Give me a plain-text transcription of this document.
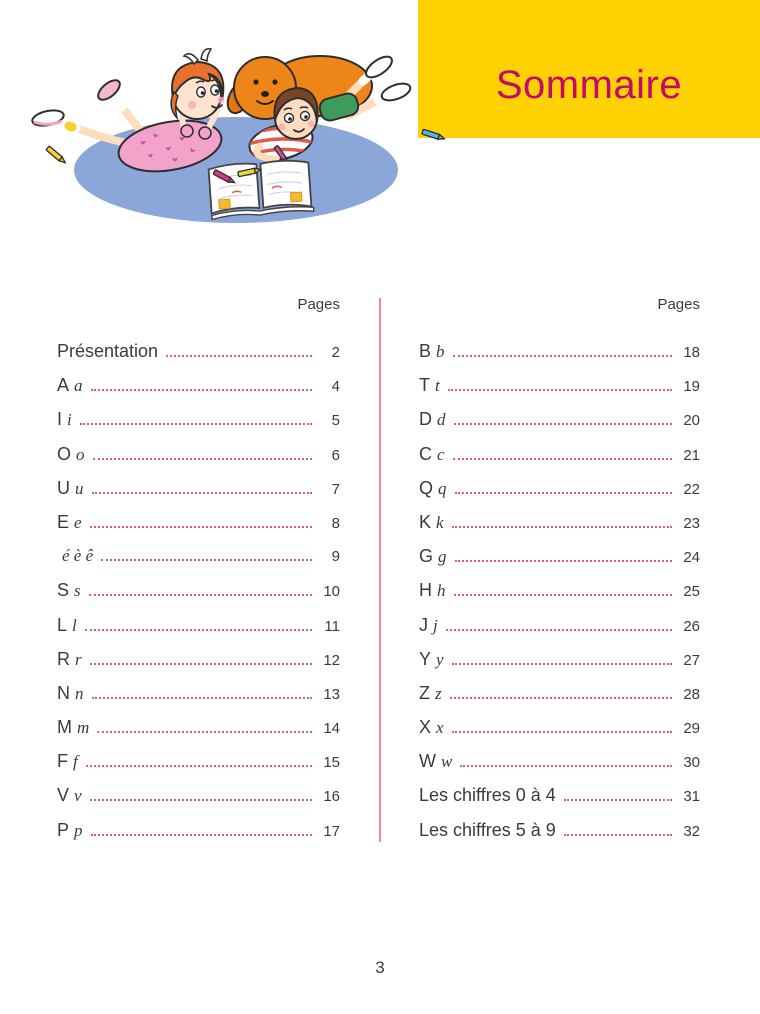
Sommaire
Pages
Présentation	2
A a	4
I i	5
O o	6
U u	7
E e	8
é è ê	9
S s	10
L l	11
R r	12
N n	13
M m	14
F f	15
V v	16
P p	17
Pages
B b	18
T t	19
D d	20
C c	21
Q q	22
K k	23
G g	24
H h	25
J j	26
Y y	27
Z z	28
X x	29
W w	30
Les chiffres 0 à 4	31
Les chiffres 5 à 9	32
3
